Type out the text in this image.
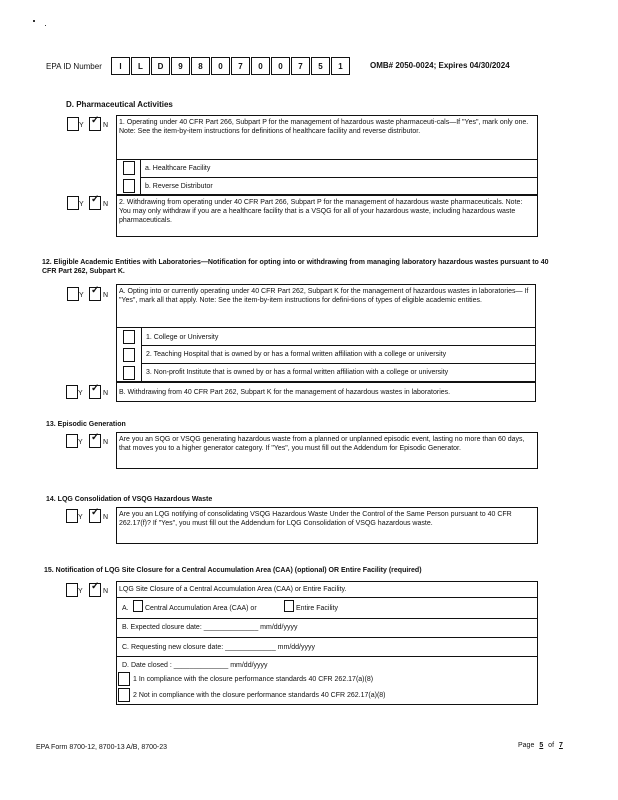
EPA ID Number	I	L	D	9	8	0	7	0	0	7	5	1	OMB# 2050-0024; Expires 04/30/2024
D. Pharmaceutical Activities
Y ✓ N 1. Operating under 40 CFR Part 266, Subpart P for the management of hazardous waste pharmaceuti-cals—If "Yes", mark only one. Note: See the item-by-item instructions for definitions of healthcare facility and reverse distributor.
a. Healthcare Facility
b. Reverse Distributor
Y ✓ N 2. Withdrawing from operating under 40 CFR Part 266, Subpart P for the management of hazardous waste pharmaceuticals. Note: You may only withdraw if you are a healthcare facility that is a VSQG for all of your hazardous waste, including hazardous waste pharmaceuticals.
12. Eligible Academic Entities with Laboratories—Notification for opting into or withdrawing from managing laboratory hazardous wastes pursuant to 40 CFR Part 262, Subpart K.
Y ✓ N
A. Opting into or currently operating under 40 CFR Part 262, Subpart K for the management of hazardous wastes in laboratories— If "Yes", mark all that apply. Note: See the item-by-item instructions for defini-tions of types of eligible academic entities.
1. College or University
2. Teaching Hospital that is owned by or has a formal written affiliation with a college or university
3. Non-profit Institute that is owned by or has a formal written affiliation with a college or university
Y ✓ N B. Withdrawing from 40 CFR Part 262, Subpart K for the management of hazardous wastes in laboratories.
13. Episodic Generation
Y ✓ N Are you an SQG or VSQG generating hazardous waste from a planned or unplanned episodic event, lasting no more than 60 days, that moves you to a higher generator category. If "Yes", you must fill out the Addendum for Episodic Generator.
14. LQG Consolidation of VSQG Hazardous Waste
Y ✓ N Are you an LQG notifying of consolidating VSQG Hazardous Waste Under the Control of the Same Person pursuant to 40 CFR 262.17(f)? If "Yes", you must fill out the Addendum for LQG Consolidation of VSQG hazardous waste.
15. Notification of LQG Site Closure for a Central Accumulation Area (CAA) (optional) OR Entire Facility (required)
Y ✓ N LQG Site Closure of a Central Accumulation Area (CAA) or Entire Facility.
A. Central Accumulation Area (CAA) or	Entire Facility
B. Expected closure date: ______________ mm/dd/yyyy
C. Requesting new closure date: _____________ mm/dd/yyyy
D. Date closed : ______________ mm/dd/yyyy
1 In compliance with the closure performance standards 40 CFR 262.17(a)(8)
2 Not in compliance with the closure performance standards 40 CFR 262.17(a)(8)
EPA Form 8700-12, 8700-13 A/B, 8700-23	Page 5 of 7
